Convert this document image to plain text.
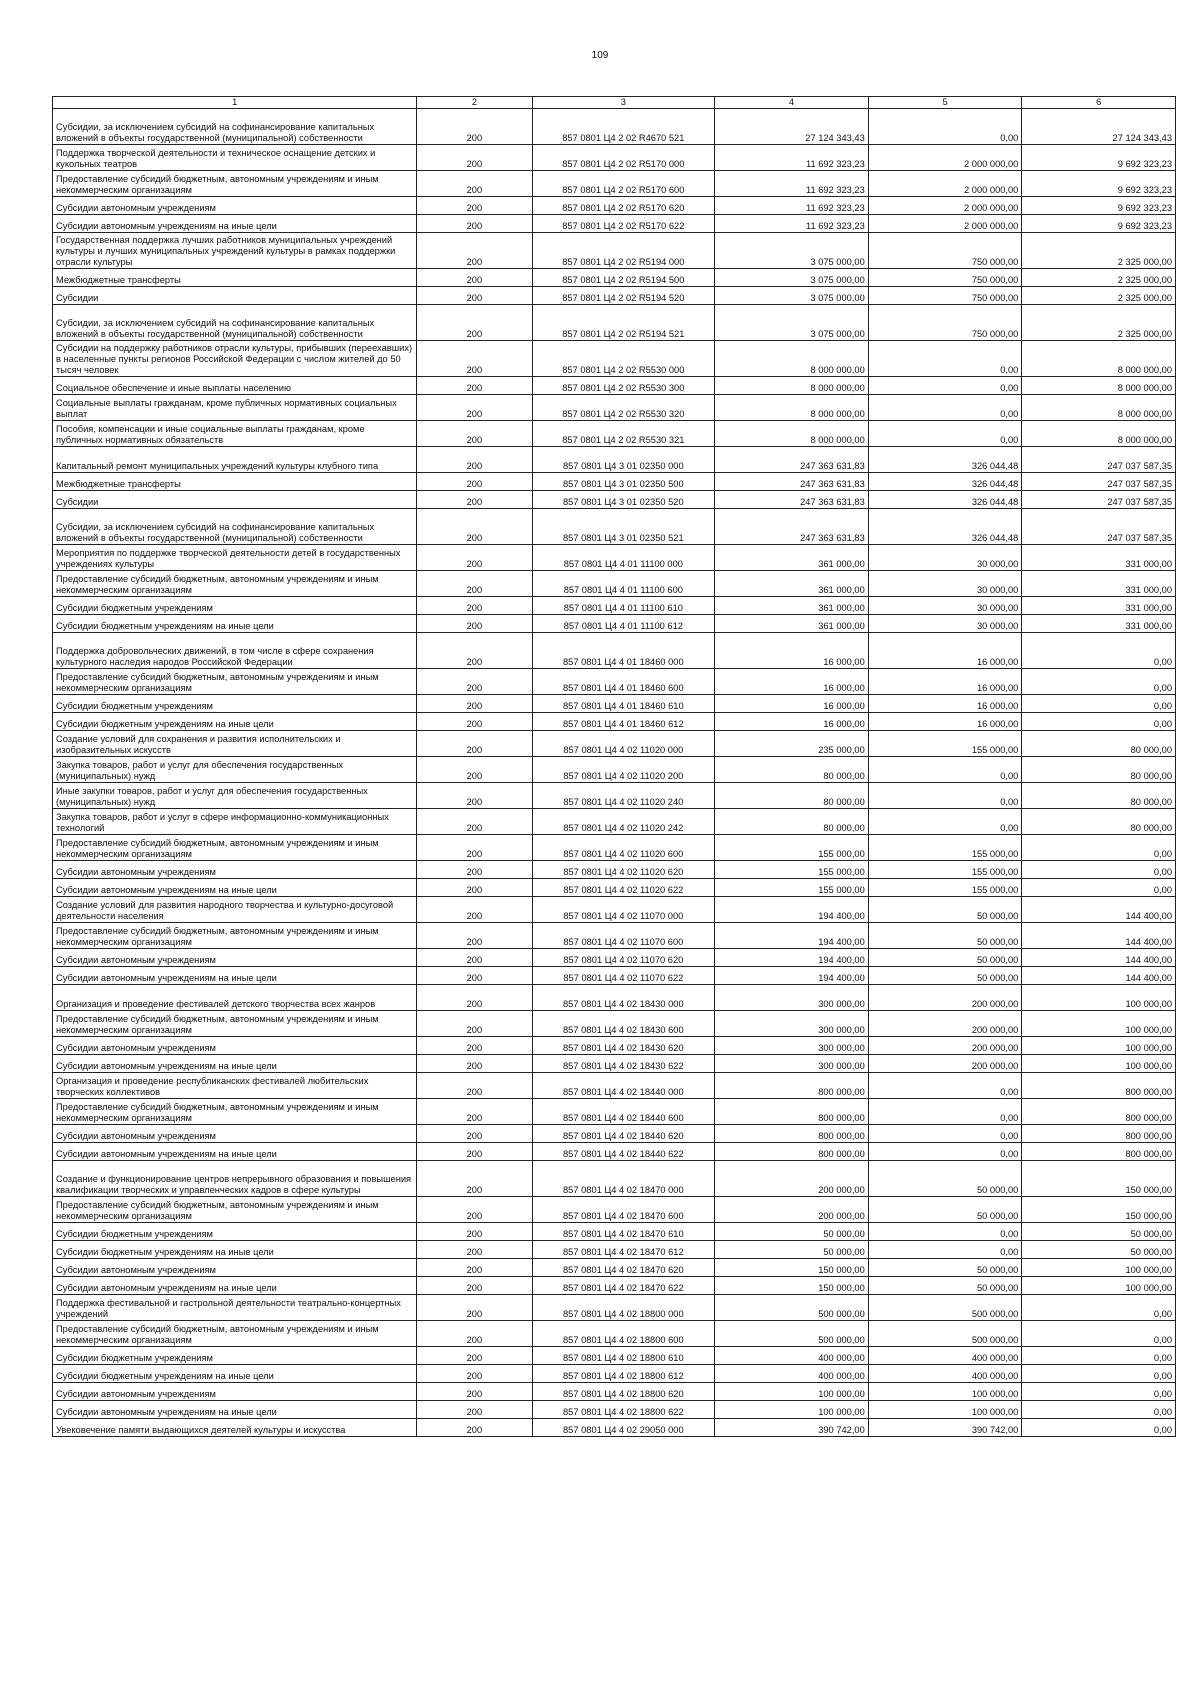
109
1	2	3	4	5	6
Субсидии, за исключением субсидий на софинансирование капитальных вложений в объекты государственной (муниципальной) собственности	200	857 0801 Ц4 2 02 R4670 521	27 124 343,43	0,00	27 124 343,43
Поддержка творческой деятельности и техническое оснащение детских и кукольных театров	200	857 0801 Ц4 2 02 R5170 000	11 692 323,23	2 000 000,00	9 692 323,23
Предоставление субсидий бюджетным, автономным учреждениям и иным некоммерческим организациям	200	857 0801 Ц4 2 02 R5170 600	11 692 323,23	2 000 000,00	9 692 323,23
Субсидии автономным учреждениям	200	857 0801 Ц4 2 02 R5170 620	11 692 323,23	2 000 000,00	9 692 323,23
Субсидии автономным учреждениям на иные цели	200	857 0801 Ц4 2 02 R5170 622	11 692 323,23	2 000 000,00	9 692 323,23
Государственная поддержка лучших работников муниципальных учреждений культуры и лучших муниципальных учреждений культуры в рамках поддержки отрасли культуры	200	857 0801 Ц4 2 02 R5194 000	3 075 000,00	750 000,00	2 325 000,00
Межбюджетные трансферты	200	857 0801 Ц4 2 02 R5194 500	3 075 000,00	750 000,00	2 325 000,00
Субсидии	200	857 0801 Ц4 2 02 R5194 520	3 075 000,00	750 000,00	2 325 000,00
Субсидии, за исключением субсидий на софинансирование капитальных вложений в объекты государственной (муниципальной) собственности	200	857 0801 Ц4 2 02 R5194 521	3 075 000,00	750 000,00	2 325 000,00
Субсидии на поддержку работников отрасли культуры, прибывших (переехавших) в населенные пункты регионов Российской Федерации с числом жителей до 50 тысяч человек	200	857 0801 Ц4 2 02 R5530 000	8 000 000,00	0,00	8 000 000,00
Социальное обеспечение и иные выплаты населению	200	857 0801 Ц4 2 02 R5530 300	8 000 000,00	0,00	8 000 000,00
Социальные выплаты гражданам, кроме публичных нормативных социальных выплат	200	857 0801 Ц4 2 02 R5530 320	8 000 000,00	0,00	8 000 000,00
Пособия, компенсации и иные социальные выплаты гражданам, кроме публичных нормативных обязательств	200	857 0801 Ц4 2 02 R5530 321	8 000 000,00	0,00	8 000 000,00
Капитальный ремонт муниципальных учреждений культуры клубного типа	200	857 0801 Ц4 3 01 02350 000	247 363 631,83	326 044,48	247 037 587,35
Межбюджетные трансферты	200	857 0801 Ц4 3 01 02350 500	247 363 631,83	326 044,48	247 037 587,35
Субсидии	200	857 0801 Ц4 3 01 02350 520	247 363 631,83	326 044,48	247 037 587,35
Субсидии, за исключением субсидий на софинансирование капитальных вложений в объекты государственной (муниципальной) собственности	200	857 0801 Ц4 3 01 02350 521	247 363 631,83	326 044,48	247 037 587,35
Мероприятия по поддержке творческой деятельности детей в государственных учреждениях культуры	200	857 0801 Ц4 4 01 11100 000	361 000,00	30 000,00	331 000,00
Предоставление субсидий бюджетным, автономным учреждениям и иным некоммерческим организациям	200	857 0801 Ц4 4 01 11100 600	361 000,00	30 000,00	331 000,00
Субсидии бюджетным учреждениям	200	857 0801 Ц4 4 01 11100 610	361 000,00	30 000,00	331 000,00
Субсидии бюджетным учреждениям на иные цели	200	857 0801 Ц4 4 01 11100 612	361 000,00	30 000,00	331 000,00
Поддержка добровольческих движений, в том числе в сфере сохранения культурного наследия народов Российской Федерации	200	857 0801 Ц4 4 01 18460 000	16 000,00	16 000,00	0,00
Предоставление субсидий бюджетным, автономным учреждениям и иным некоммерческим организациям	200	857 0801 Ц4 4 01 18460 600	16 000,00	16 000,00	0,00
Субсидии бюджетным учреждениям	200	857 0801 Ц4 4 01 18460 610	16 000,00	16 000,00	0,00
Субсидии бюджетным учреждениям на иные цели	200	857 0801 Ц4 4 01 18460 612	16 000,00	16 000,00	0,00
Создание условий для сохранения и развития исполнительских и изобразительных искусств	200	857 0801 Ц4 4 02 11020 000	235 000,00	155 000,00	80 000,00
Закупка товаров, работ и услуг для обеспечения государственных (муниципальных) нужд	200	857 0801 Ц4 4 02 11020 200	80 000,00	0,00	80 000,00
Иные закупки товаров, работ и услуг для обеспечения государственных (муниципальных) нужд	200	857 0801 Ц4 4 02 11020 240	80 000,00	0,00	80 000,00
Закупка товаров, работ и услуг в сфере информационно-коммуникационных технологий	200	857 0801 Ц4 4 02 11020 242	80 000,00	0,00	80 000,00
Предоставление субсидий бюджетным, автономным учреждениям и иным некоммерческим организациям	200	857 0801 Ц4 4 02 11020 600	155 000,00	155 000,00	0,00
Субсидии автономным учреждениям	200	857 0801 Ц4 4 02 11020 620	155 000,00	155 000,00	0,00
Субсидии автономным учреждениям на иные цели	200	857 0801 Ц4 4 02 11020 622	155 000,00	155 000,00	0,00
Создание условий для развития народного творчества и культурно-досуговой деятельности населения	200	857 0801 Ц4 4 02 11070 000	194 400,00	50 000,00	144 400,00
Предоставление субсидий бюджетным, автономным учреждениям и иным некоммерческим организациям	200	857 0801 Ц4 4 02 11070 600	194 400,00	50 000,00	144 400,00
Субсидии автономным учреждениям	200	857 0801 Ц4 4 02 11070 620	194 400,00	50 000,00	144 400,00
Субсидии автономным учреждениям на иные цели	200	857 0801 Ц4 4 02 11070 622	194 400,00	50 000,00	144 400,00
Организация и проведение фестивалей детского творчества всех жанров	200	857 0801 Ц4 4 02 18430 000	300 000,00	200 000,00	100 000,00
Предоставление субсидий бюджетным, автономным учреждениям и иным некоммерческим организациям	200	857 0801 Ц4 4 02 18430 600	300 000,00	200 000,00	100 000,00
Субсидии автономным учреждениям	200	857 0801 Ц4 4 02 18430 620	300 000,00	200 000,00	100 000,00
Субсидии автономным учреждениям на иные цели	200	857 0801 Ц4 4 02 18430 622	300 000,00	200 000,00	100 000,00
Организация и проведение республиканских фестивалей любительских творческих коллективов	200	857 0801 Ц4 4 02 18440 000	800 000,00	0,00	800 000,00
Предоставление субсидий бюджетным, автономным учреждениям и иным некоммерческим организациям	200	857 0801 Ц4 4 02 18440 600	800 000,00	0,00	800 000,00
Субсидии автономным учреждениям	200	857 0801 Ц4 4 02 18440 620	800 000,00	0,00	800 000,00
Субсидии автономным учреждениям на иные цели	200	857 0801 Ц4 4 02 18440 622	800 000,00	0,00	800 000,00
Создание и функционирование центров непрерывного образования и повышения квалификации творческих и управленческих кадров в сфере культуры	200	857 0801 Ц4 4 02 18470 000	200 000,00	50 000,00	150 000,00
Предоставление субсидий бюджетным, автономным учреждениям и иным некоммерческим организациям	200	857 0801 Ц4 4 02 18470 600	200 000,00	50 000,00	150 000,00
Субсидии бюджетным учреждениям	200	857 0801 Ц4 4 02 18470 610	50 000,00	0,00	50 000,00
Субсидии бюджетным учреждениям на иные цели	200	857 0801 Ц4 4 02 18470 612	50 000,00	0,00	50 000,00
Субсидии автономным учреждениям	200	857 0801 Ц4 4 02 18470 620	150 000,00	50 000,00	100 000,00
Субсидии автономным учреждениям на иные цели	200	857 0801 Ц4 4 02 18470 622	150 000,00	50 000,00	100 000,00
Поддержка фестивальной и гастрольной деятельности театрально-концертных учреждений	200	857 0801 Ц4 4 02 18800 000	500 000,00	500 000,00	0,00
Предоставление субсидий бюджетным, автономным учреждениям и иным некоммерческим организациям	200	857 0801 Ц4 4 02 18800 600	500 000,00	500 000,00	0,00
Субсидии бюджетным учреждениям	200	857 0801 Ц4 4 02 18800 610	400 000,00	400 000,00	0,00
Субсидии бюджетным учреждениям на иные цели	200	857 0801 Ц4 4 02 18800 612	400 000,00	400 000,00	0,00
Субсидии автономным учреждениям	200	857 0801 Ц4 4 02 18800 620	100 000,00	100 000,00	0,00
Субсидии автономным учреждениям на иные цели	200	857 0801 Ц4 4 02 18800 622	100 000,00	100 000,00	0,00
Увековечение памяти выдающихся деятелей культуры и искусства	200	857 0801 Ц4 4 02 29050 000	390 742,00	390 742,00	0,00
